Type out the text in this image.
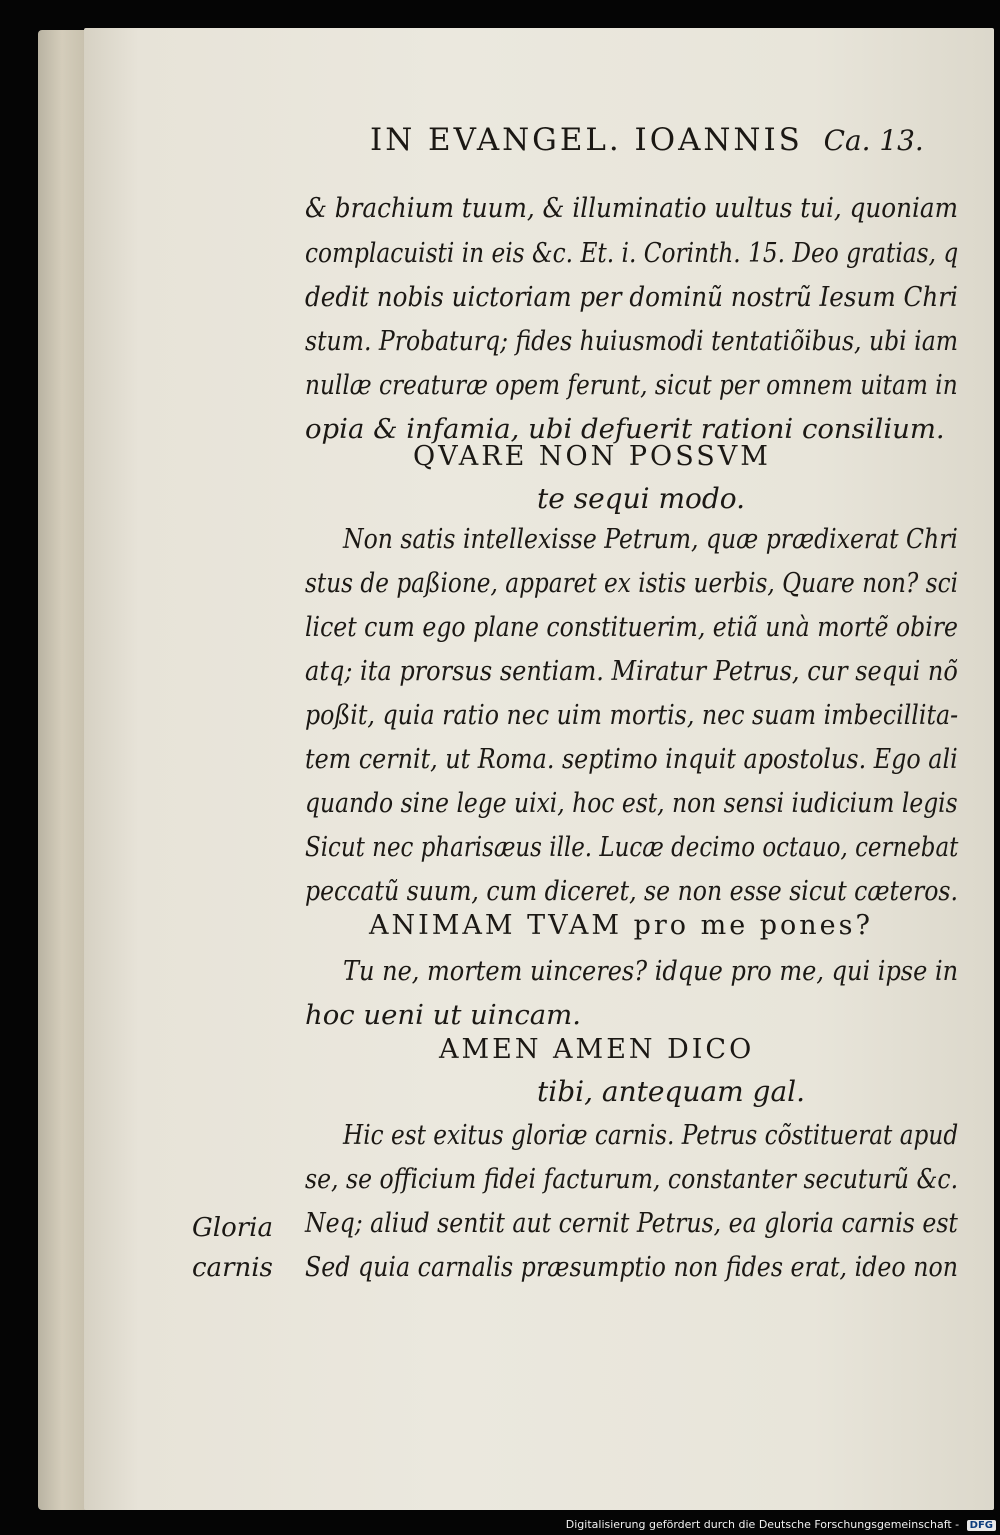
IN EVANGEL. IOANNIS Ca. 13.
& brachium tuum, & illuminatio uultus tui, quoniam
complacuisti in eis &c. Et. i. Corinth. 15. Deo gratias, q
dedit nobis uictoriam per dominũ nostrũ Iesum Chri
stum. Probaturq; fides huiusmodi tentatiõibus, ubi iam
nullæ creaturæ opem ferunt, sicut per omnem uitam in
opia & infamia, ubi defuerit rationi consilium.
QVARE NON POSSVM
te sequi modo.
Non satis intellexisse Petrum, quæ prædixerat Chri
stus de paßione, apparet ex istis uerbis, Quare non? sci
licet cum ego plane constituerim, etiã unà mortẽ obire
atq; ita prorsus sentiam. Miratur Petrus, cur sequi nõ
poßit, quia ratio nec uim mortis, nec suam imbecillita-
tem cernit, ut Roma. septimo inquit apostolus. Ego ali
quando sine lege uixi, hoc est, non sensi iudicium legis
Sicut nec pharisæus ille. Lucæ decimo octauo, cernebat
peccatũ suum, cum diceret, se non esse sicut cæteros.
ANIMAM TVAM pro me pones?
Tu ne, mortem uinceres? idque pro me, qui ipse in
hoc ueni ut uincam.
AMEN AMEN DICO
tibi, antequam gal.
Hic est exitus gloriæ carnis. Petrus cõstituerat apud
se, se officium fidei facturum, constanter secuturũ &c.
Neq; aliud sentit aut cernit Petrus, ea gloria carnis est
Sed quia carnalis præsumptio non fides erat, ideo non
Gloria
carnis
Digitalisierung gefördert durch die Deutsche Forschungsgemeinschaft - DFG
